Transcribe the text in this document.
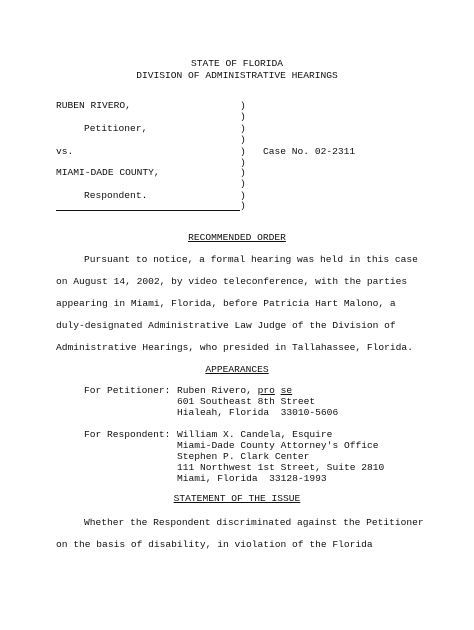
STATE OF FLORIDA
DIVISION OF ADMINISTRATIVE HEARINGS
RUBEN RIVERO,
Petitioner,
vs.
MIAMI-DADE COUNTY,
Respondent.
)
)
)
)
)
)
)
)
)
)
Case No. 02-2311
RECOMMENDED ORDER
Pursuant to notice, a formal hearing was held in this case
on August 14, 2002, by video teleconference, with the parties
appearing in Miami, Florida, before Patricia Hart Malono, a
duly-designated Administrative Law Judge of the Division of
Administrative Hearings, who presided in Tallahassee, Florida.
APPEARANCES
For Petitioner: Ruben Rivero, pro se
601 Southeast 8th Street
Hialeah, Florida  33010-5606
For Respondent: William X. Candela, Esquire
Miami-Dade County Attorney's Office
Stephen P. Clark Center
111 Northwest 1st Street, Suite 2810
Miami, Florida  33128-1993
STATEMENT OF THE ISSUE
Whether the Respondent discriminated against the Petitioner
on the basis of disability, in violation of the Florida
